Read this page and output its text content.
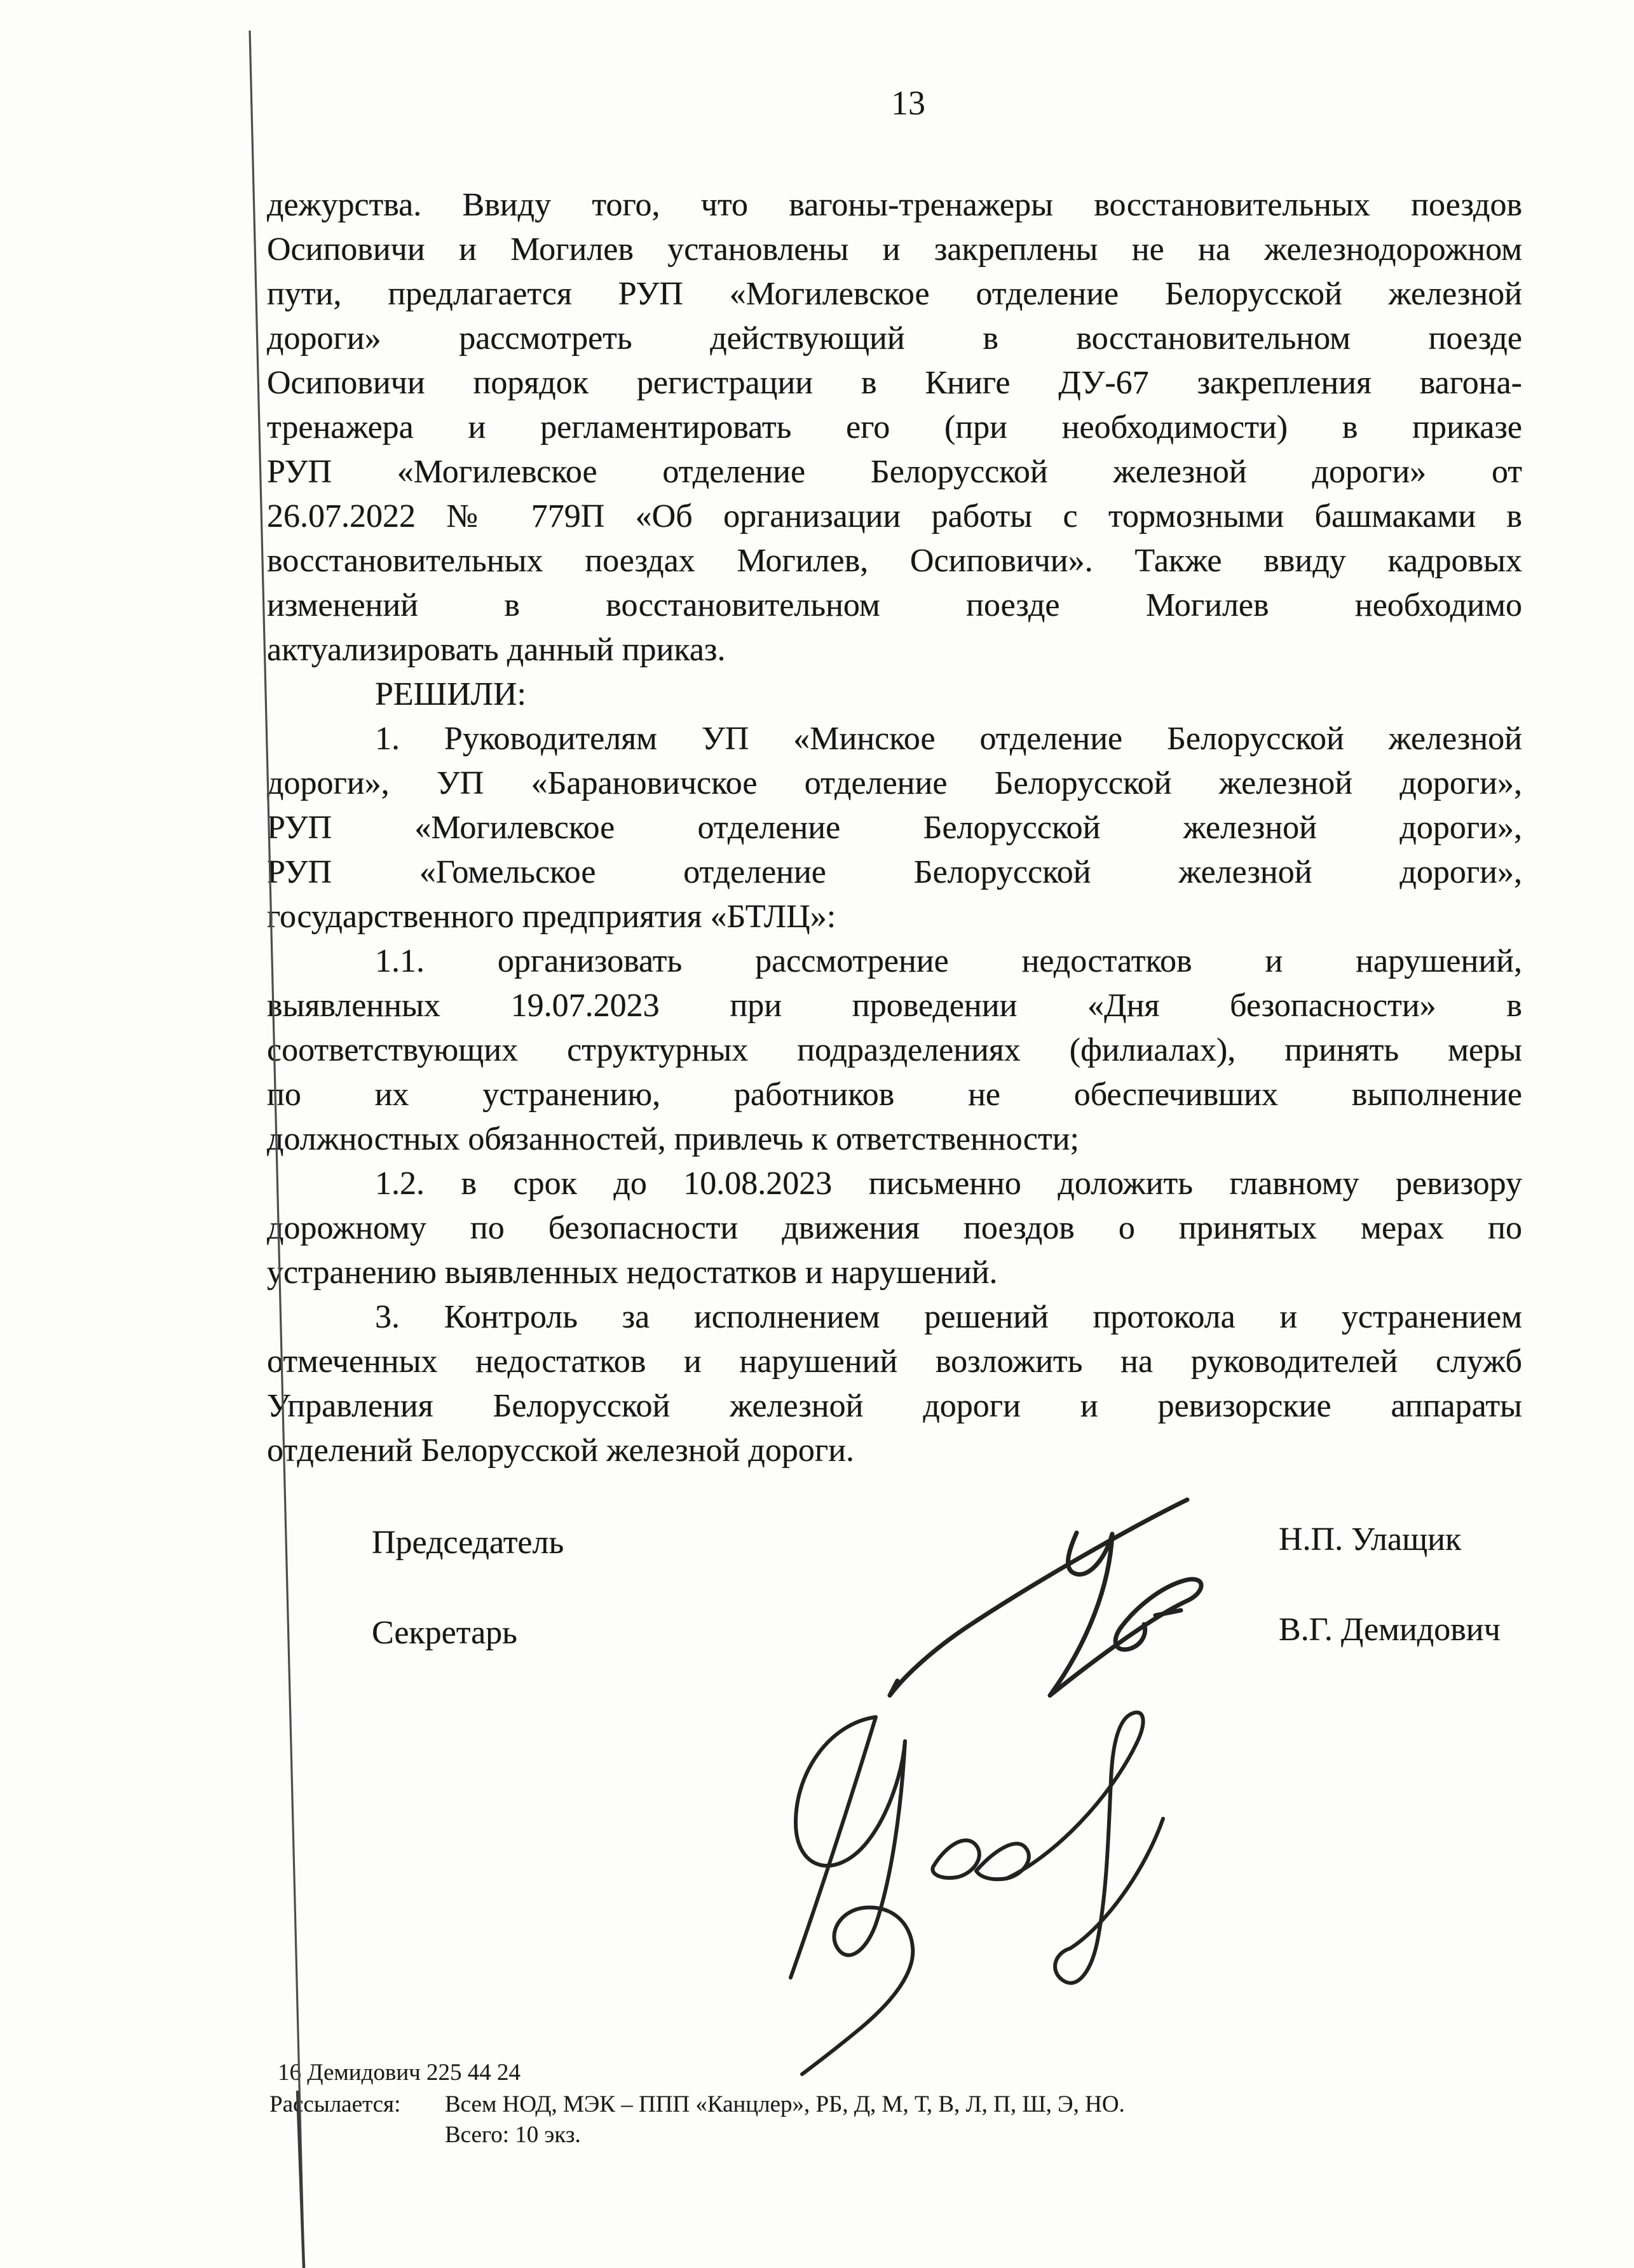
13
дежурства. Ввиду того, что вагоны-тренажеры восстановительных поездов
Осиповичи и Могилев установлены и закреплены не на железнодорожном
пути, предлагается РУП «Могилевское отделение Белорусской железной
дороги» рассмотреть действующий в восстановительном поезде
Осиповичи порядок регистрации в Книге ДУ-67 закрепления вагона-
тренажера и регламентировать его (при необходимости) в приказе
РУП «Могилевское отделение Белорусской железной дороги» от
26.07.2022 № 779П «Об организации работы с тормозными башмаками в
восстановительных поездах Могилев, Осиповичи». Также ввиду кадровых
изменений в восстановительном поезде Могилев необходимо
актуализировать данный приказ.
РЕШИЛИ:
1. Руководителям УП «Минское отделение Белорусской железной
дороги», УП «Барановичское отделение Белорусской железной дороги»,
РУП «Могилевское отделение Белорусской железной дороги»,
РУП «Гомельское отделение Белорусской железной дороги»,
государственного предприятия «БТЛЦ»:
1.1. организовать рассмотрение недостатков и нарушений,
выявленных 19.07.2023 при проведении «Дня безопасности» в
соответствующих структурных подразделениях (филиалах), принять меры
по их устранению, работников не обеспечивших выполнение
должностных обязанностей, привлечь к ответственности;
1.2. в срок до 10.08.2023 письменно доложить главному ревизору
дорожному по безопасности движения поездов о принятых мерах по
устранению выявленных недостатков и нарушений.
3. Контроль за исполнением решений протокола и устранением
отмеченных недостатков и нарушений возложить на руководителей служб
Управления Белорусской железной дороги и ревизорские аппараты
отделений Белорусской железной дороги.
Председатель	Н.П. Улащик
Секретарь	В.Г. Демидович
16 Демидович 225 44 24
Рассылается: Всем НОД, МЭК – ППП «Канцлер», РБ, Д, М, Т, В, Л, П, Ш, Э, НО.
Всего: 10 экз.
